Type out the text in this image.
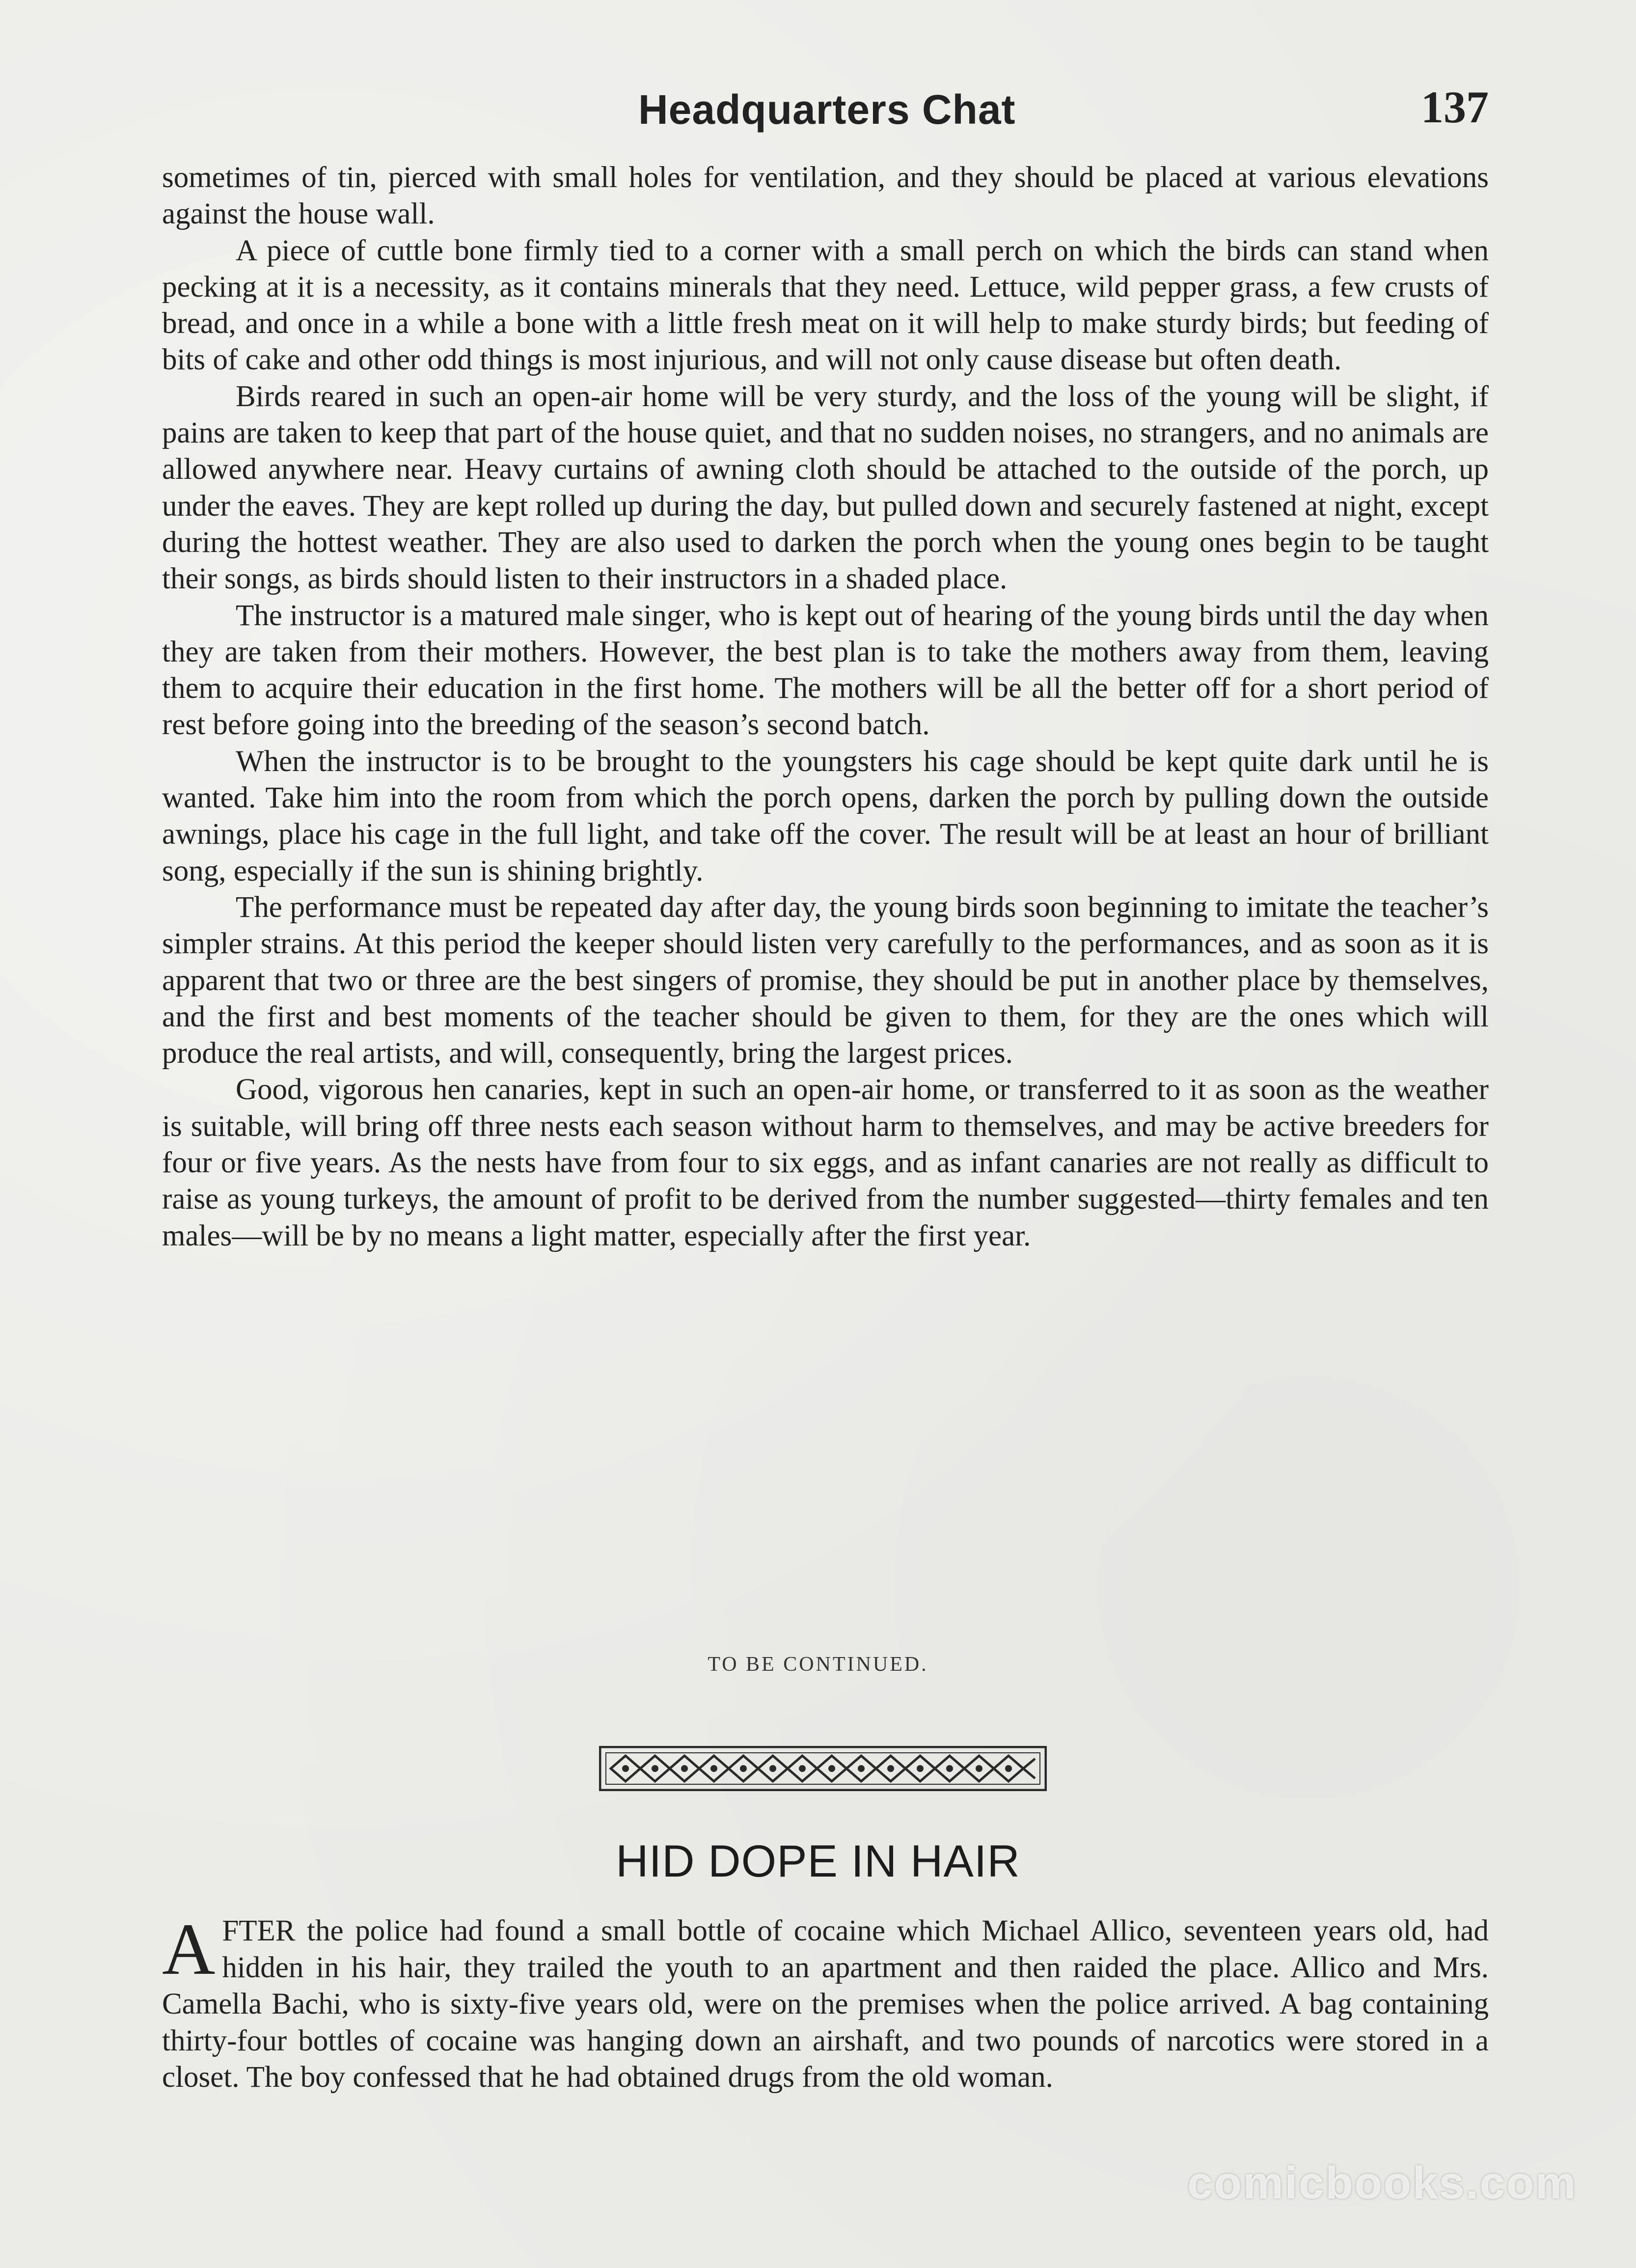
Headquarters Chat	137

sometimes of tin, pierced with small holes for ventilation, and they should be placed at various elevations against the house wall.

A piece of cuttle bone firmly tied to a corner with a small perch on which the birds can stand when pecking at it is a necessity, as it contains minerals that they need. Lettuce, wild pepper grass, a few crusts of bread, and once in a while a bone with a little fresh meat on it will help to make sturdy birds; but feeding of bits of cake and other odd things is most injurious, and will not only cause disease but often death.

Birds reared in such an open-air home will be very sturdy, and the loss of the young will be slight, if pains are taken to keep that part of the house quiet, and that no sudden noises, no strangers, and no animals are allowed anywhere near. Heavy curtains of awning cloth should be attached to the outside of the porch, up under the eaves. They are kept rolled up during the day, but pulled down and securely fastened at night, except during the hottest weather. They are also used to darken the porch when the young ones begin to be taught their songs, as birds should listen to their instructors in a shaded place.

The instructor is a matured male singer, who is kept out of hearing of the young birds until the day when they are taken from their mothers. However, the best plan is to take the mothers away from them, leaving them to acquire their education in the first home. The mothers will be all the better off for a short period of rest before going into the breeding of the season’s second batch.

When the instructor is to be brought to the youngsters his cage should be kept quite dark until he is wanted. Take him into the room from which the porch opens, darken the porch by pulling down the outside awnings, place his cage in the full light, and take off the cover. The result will be at least an hour of brilliant song, especially if the sun is shining brightly.

The performance must be repeated day after day, the young birds soon beginning to imitate the teacher’s simpler strains. At this period the keeper should listen very carefully to the performances, and as soon as it is apparent that two or three are the best singers of promise, they should be put in another place by themselves, and the first and best moments of the teacher should be given to them, for they are the ones which will produce the real artists, and will, consequently, bring the largest prices.

Good, vigorous hen canaries, kept in such an open-air home, or transferred to it as soon as the weather is suitable, will bring off three nests each season without harm to themselves, and may be active breeders for four or five years. As the nests have from four to six eggs, and as infant canaries are not really as difficult to raise as young turkeys, the amount of profit to be derived from the number suggested—thirty females and ten males—will be by no means a light matter, especially after the first year.

TO BE CONTINUED.
HID DOPE IN HAIR

AFTER the police had found a small bottle of cocaine which Michael Allico, seventeen years old, had hidden in his hair, they trailed the youth to an apartment and then raided the place. Allico and Mrs. Camella Bachi, who is sixty-five years old, were on the premises when the police arrived. A bag containing thirty-four bottles of cocaine was hanging down an airshaft, and two pounds of narcotics were stored in a closet. The boy confessed that he had obtained drugs from the old woman.

comicbooks.com
